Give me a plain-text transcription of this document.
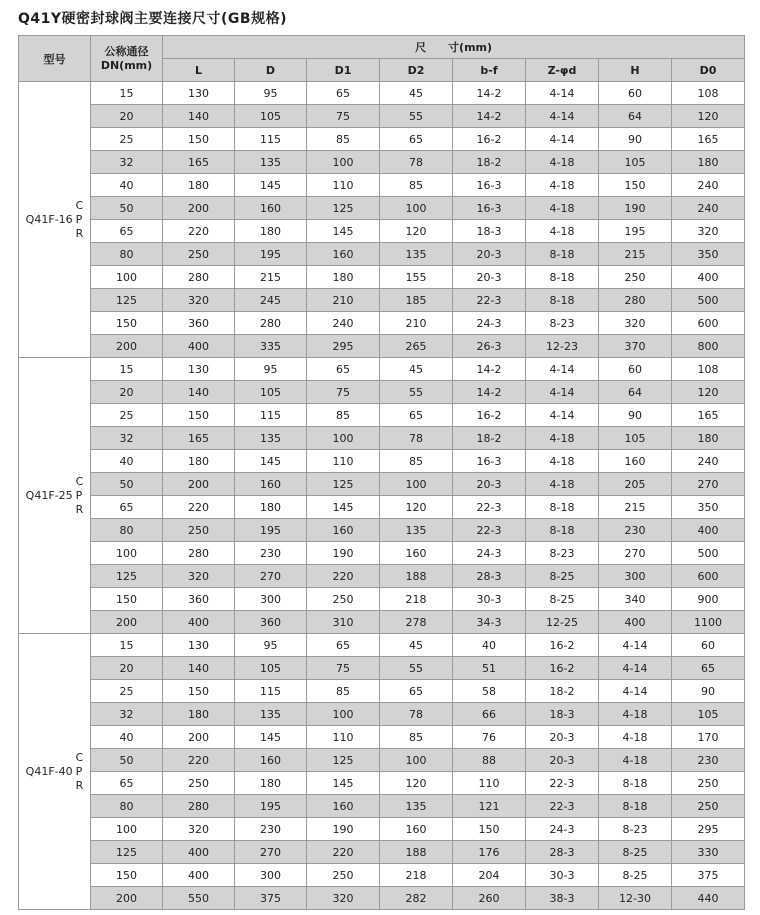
Q41Y硬密封球阀主要连接尺寸(GB规格)
型号	公称通径
DN(mm)	尺　　寸(mm)							
		L	D	D1	D2	b-f	Z-φd	H	D0

Q41F-16
C
P
R	15	130	95	65	45	14-2	4-14	60	108
	20	140	105	75	55	14-2	4-14	64	120
	25	150	115	85	65	16-2	4-14	90	165
	32	165	135	100	78	18-2	4-18	105	180
	40	180	145	110	85	16-3	4-18	150	240
	50	200	160	125	100	16-3	4-18	190	240
	65	220	180	145	120	18-3	4-18	195	320
	80	250	195	160	135	20-3	8-18	215	350
	100	280	215	180	155	20-3	8-18	250	400
	125	320	245	210	185	22-3	8-18	280	500
	150	360	280	240	210	24-3	8-23	320	600
	200	400	335	295	265	26-3	12-23	370	800

Q41F-25
C
P
R	15	130	95	65	45	14-2	4-14	60	108
	20	140	105	75	55	14-2	4-14	64	120
	25	150	115	85	65	16-2	4-14	90	165
	32	165	135	100	78	18-2	4-18	105	180
	40	180	145	110	85	16-3	4-18	160	240
	50	200	160	125	100	20-3	4-18	205	270
	65	220	180	145	120	22-3	8-18	215	350
	80	250	195	160	135	22-3	8-18	230	400
	100	280	230	190	160	24-3	8-23	270	500
	125	320	270	220	188	28-3	8-25	300	600
	150	360	300	250	218	30-3	8-25	340	900
	200	400	360	310	278	34-3	12-25	400	1100

Q41F-40
C
P
R	15	130	95	65	45	40	16-2	4-14	60
	20	140	105	75	55	51	16-2	4-14	65
	25	150	115	85	65	58	18-2	4-14	90
	32	180	135	100	78	66	18-3	4-18	105
	40	200	145	110	85	76	20-3	4-18	170
	50	220	160	125	100	88	20-3	4-18	230
	65	250	180	145	120	110	22-3	8-18	250
	80	280	195	160	135	121	22-3	8-18	250
	100	320	230	190	160	150	24-3	8-23	295
	125	400	270	220	188	176	28-3	8-25	330
	150	400	300	250	218	204	30-3	8-25	375
	200	550	375	320	282	260	38-3	12-30	440
